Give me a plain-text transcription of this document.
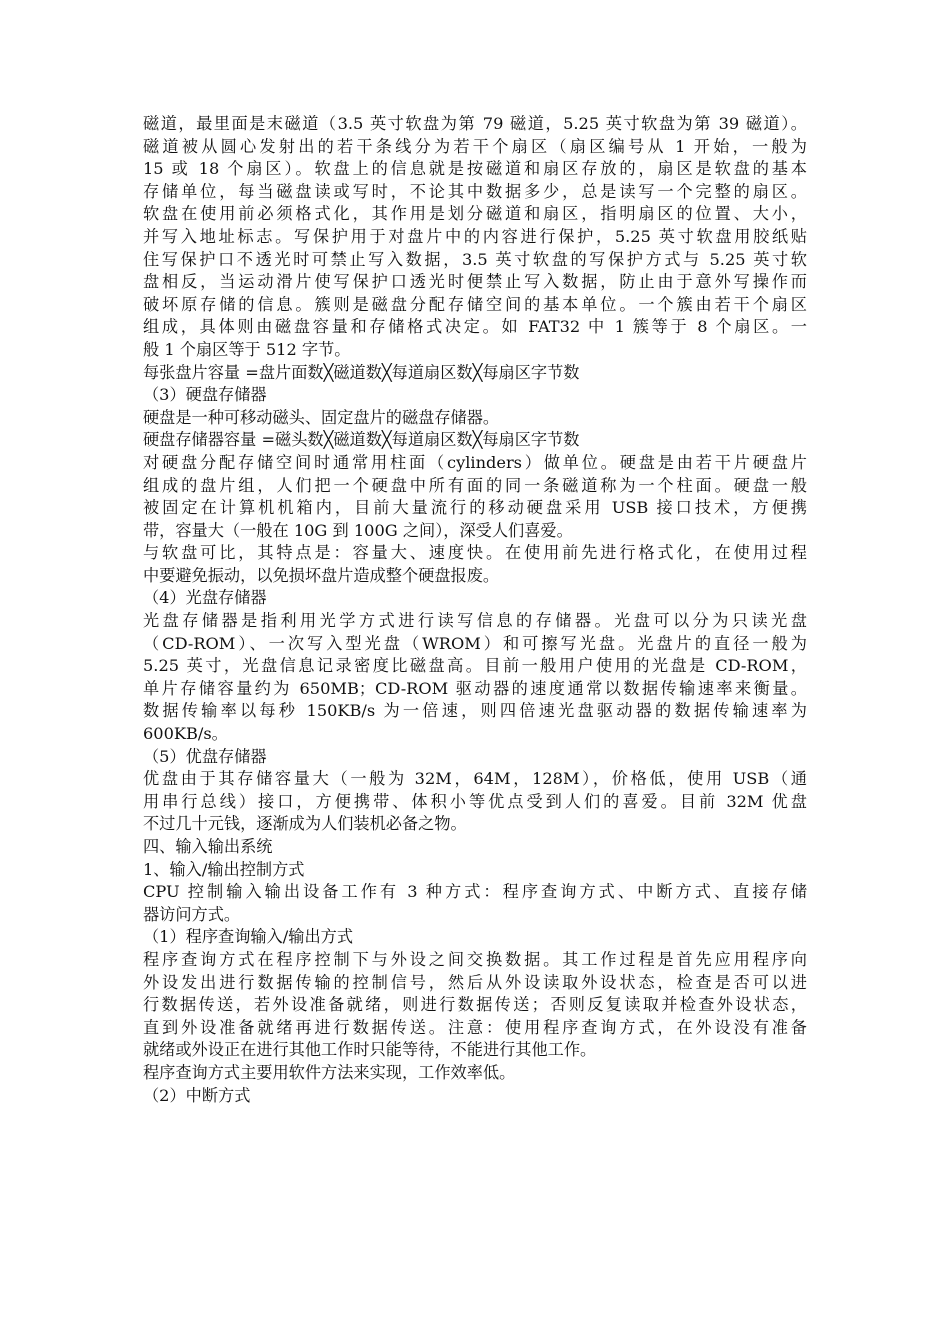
磁道，最里面是末磁道（3.5 英寸软盘为第 79 磁道，5.25 英寸软盘为第 39 磁道）。
磁道被从圆心发射出的若干条线分为若干个扇区（扇区编号从 1 开始，一般为
15 或 18 个扇区）。软盘上的信息就是按磁道和扇区存放的，扇区是软盘的基本
存储单位，每当磁盘读或写时，不论其中数据多少，总是读写一个完整的扇区。
软盘在使用前必须格式化，其作用是划分磁道和扇区，指明扇区的位置、大小，
并写入地址标志。写保护用于对盘片中的内容进行保护，5.25 英寸软盘用胶纸贴
住写保护口不透光时可禁止写入数据，3.5 英寸软盘的写保护方式与 5.25 英寸软
盘相反，当运动滑片使写保护口透光时便禁止写入数据，防止由于意外写操作而
破坏原存储的信息。簇则是磁盘分配存储空间的基本单位。一个簇由若干个扇区
组成，具体则由磁盘容量和存储格式决定。如 FAT32 中 1 簇等于 8 个扇区。一
般 1 个扇区等于 512 字节。
每张盘片容量 =盘片面数╳磁道数╳每道扇区数╳每扇区字节数
（3）硬盘存储器
硬盘是一种可移动磁头、固定盘片的磁盘存储器。
硬盘存储器容量 =磁头数╳磁道数╳每道扇区数╳每扇区字节数
对硬盘分配存储空间时通常用柱面（cylinders）做单位。硬盘是由若干片硬盘片
组成的盘片组，人们把一个硬盘中所有面的同一条磁道称为一个柱面。硬盘一般
被固定在计算机机箱内，目前大量流行的移动硬盘采用 USB 接口技术，方便携
带，容量大（一般在 10G 到 100G 之间），深受人们喜爱。
与软盘可比，其特点是：容量大、速度快。在使用前先进行格式化，在使用过程
中要避免振动，以免损坏盘片造成整个硬盘报废。
（4）光盘存储器
光盘存储器是指利用光学方式进行读写信息的存储器。光盘可以分为只读光盘
（CD-ROM）、一次写入型光盘（WROM）和可擦写光盘。光盘片的直径一般为
5.25 英寸，光盘信息记录密度比磁盘高。目前一般用户使用的光盘是 CD-ROM，
单片存储容量约为 650MB；CD-ROM 驱动器的速度通常以数据传输速率来衡量。
数据传输率以每秒 150KB/s 为一倍速，则四倍速光盘驱动器的数据传输速率为
600KB/s。
（5）优盘存储器
优盘由于其存储容量大（一般为 32M，64M，128M），价格低，使用 USB（通
用串行总线）接口，方便携带、体积小等优点受到人们的喜爱。目前 32M 优盘
不过几十元钱，逐渐成为人们装机必备之物。
四、输入输出系统
1、输入/输出控制方式
CPU 控制输入输出设备工作有 3 种方式：程序查询方式、中断方式、直接存储
器访问方式。
（1）程序查询输入/输出方式
程序查询方式在程序控制下与外设之间交换数据。其工作过程是首先应用程序向
外设发出进行数据传输的控制信号，然后从外设读取外设状态，检查是否可以进
行数据传送，若外设准备就绪，则进行数据传送；否则反复读取并检查外设状态，
直到外设准备就绪再进行数据传送。注意：使用程序查询方式，在外设没有准备
就绪或外设正在进行其他工作时只能等待，不能进行其他工作。
程序查询方式主要用软件方法来实现，工作效率低。
（2）中断方式
